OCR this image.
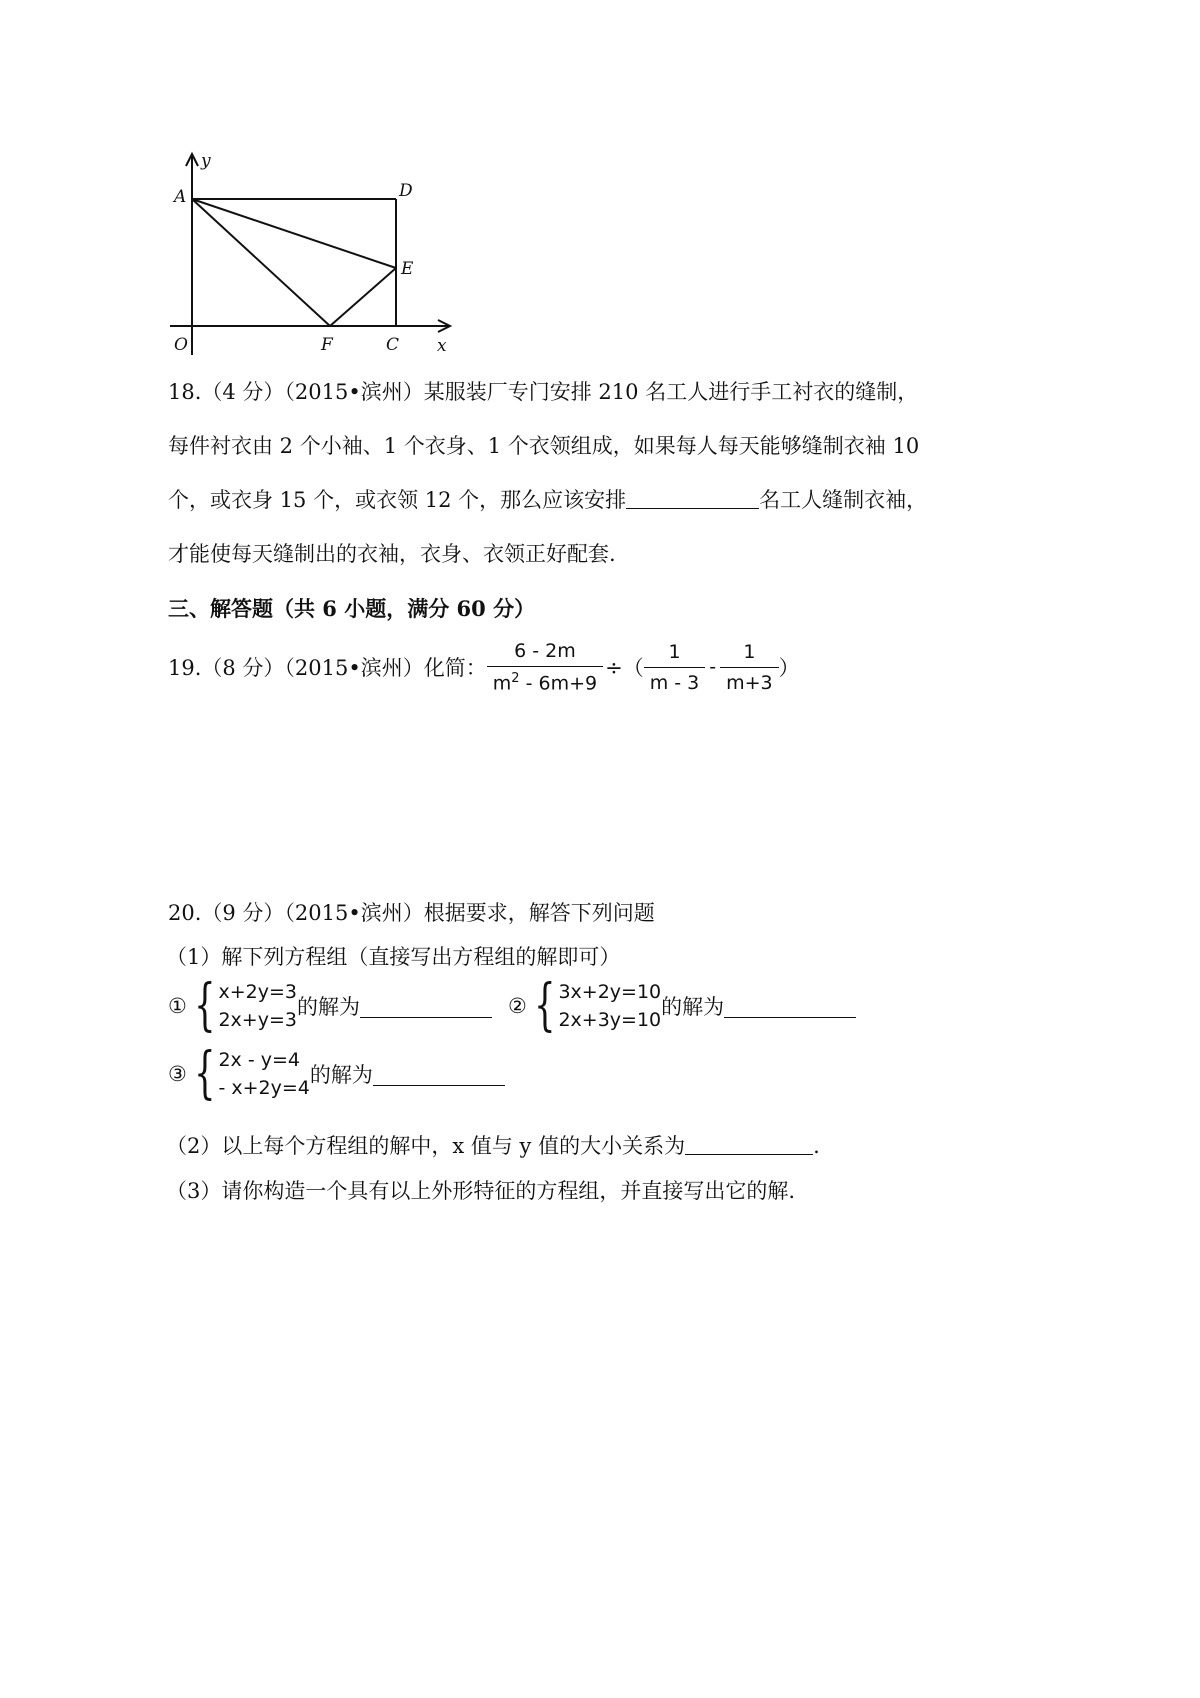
y
A	D
E
O	F	C x
18.（4 分）（2015•滨州）某服装厂专门安排 210 名工人进行手工衬衣的缝制，
每件衬衣由 2 个小袖、1 个衣身、1 个衣领组成，如果每人每天能够缝制衣袖 10
个，或衣身 15 个，或衣领 12 个，那么应该安排	名工人缝制衣袖，
才能使每天缝制出的衣袖，衣身、衣领正好配套.
三、解答题（共 6 小题，满分 60 分）
19.（8 分）（2015•滨州）化简： $\frac{6 - 2m}{m^2 - 6m+9}$ ÷（ $\frac{1}{m - 3} - \frac{1}{m+3}$ ）
20.（9 分）（2015•滨州）根据要求，解答下列问题
（1）解下列方程组（直接写出方程组的解即可）
① { x+2y=3
2x+y=3
的解为	② { 3x+2y=10
2x+3y=10
的解为
③ { 2x - y=4
- x+2y=4
的解为
（2）以上每个方程组的解中，x 值与 y 值的大小关系为	.
（3）请你构造一个具有以上外形特征的方程组，并直接写出它的解.
